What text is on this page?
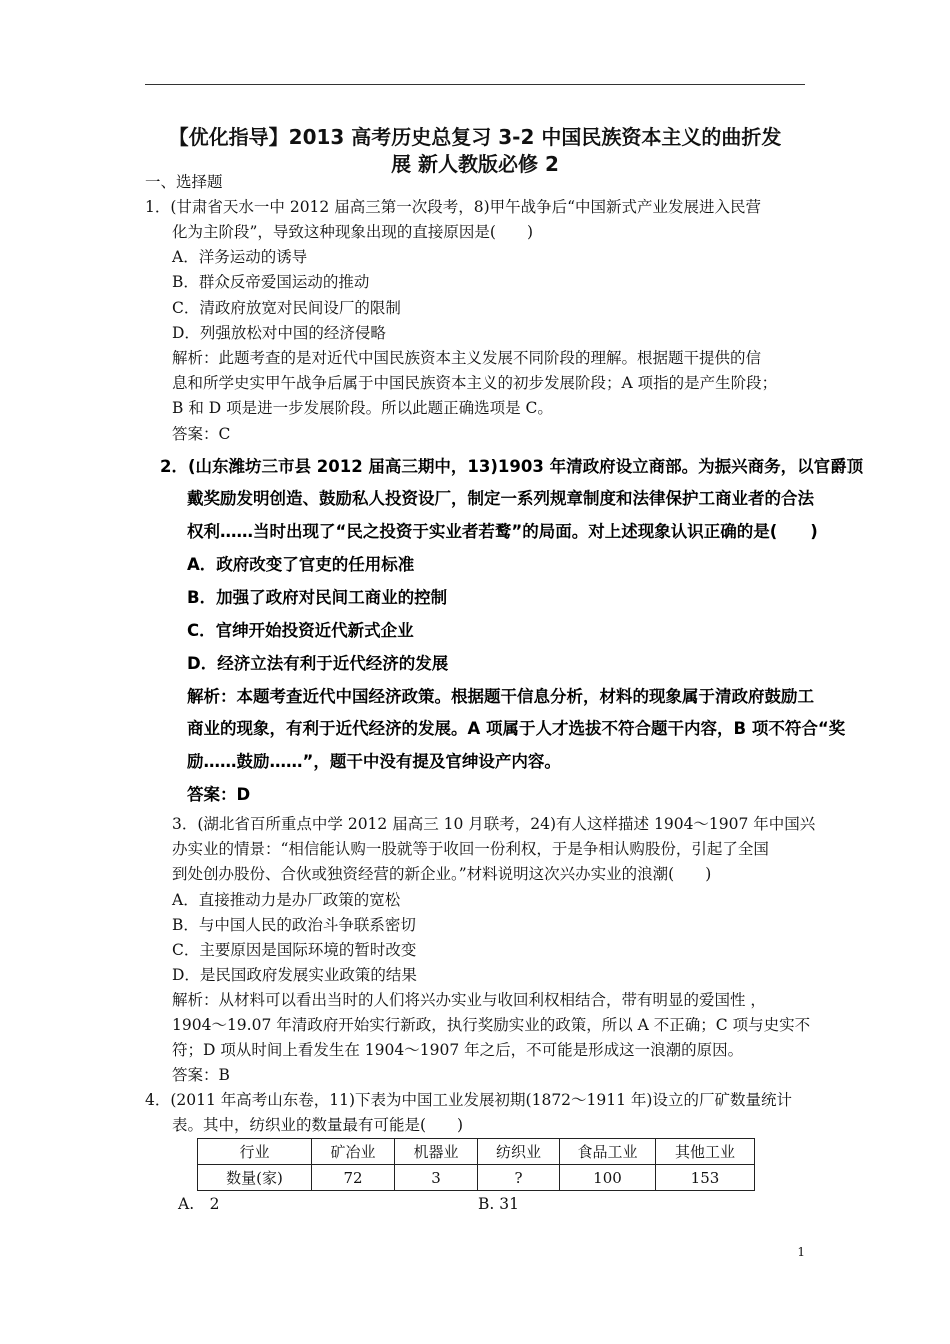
【优化指导】2013 高考历史总复习 3-2 中国民族资本主义的曲折发
展 新人教版必修 2
一、选择题
1．(甘肃省天水一中 2012 届高三第一次段考，8)甲午战争后“中国新式产业发展进入民营
化为主阶段”，导致这种现象出现的直接原因是(　　)
A．洋务运动的诱导
B．群众反帝爱国运动的推动
C．清政府放宽对民间设厂的限制
D．列强放松对中国的经济侵略
解析：此题考查的是对近代中国民族资本主义发展不同阶段的理解。根据题干提供的信
息和所学史实甲午战争后属于中国民族资本主义的初步发展阶段；A 项指的是产生阶段；
B 和 D 项是进一步发展阶段。所以此题正确选项是 C。
答案：C
2．(山东潍坊三市县 2012 届高三期中，13)1903 年清政府设立商部。为振兴商务，以官爵顶
戴奖励发明创造、鼓励私人投资设厂，制定一系列规章制度和法律保护工商业者的合法
权利……当时出现了“民之投资于实业者若鹜”的局面。对上述现象认识正确的是(　　)
A．政府改变了官吏的任用标准
B．加强了政府对民间工商业的控制
C．官绅开始投资近代新式企业
D．经济立法有利于近代经济的发展
解析：本题考查近代中国经济政策。根据题干信息分析，材料的现象属于清政府鼓励工
商业的现象，有利于近代经济的发展。A 项属于人才选拔不符合题干内容，B 项不符合“奖
励……鼓励……”，题干中没有提及官绅设产内容。
答案：D
3．(湖北省百所重点中学 2012 届高三 10 月联考，24)有人这样描述 1904～1907 年中国兴
办实业的情景：“相信能认购一股就等于收回一份利权，于是争相认购股份，引起了全国
到处创办股份、合伙或独资经营的新企业。”材料说明这次兴办实业的浪潮(　　)
A．直接推动力是办厂政策的宽松
B．与中国人民的政治斗争联系密切
C．主要原因是国际环境的暂时改变
D．是民国政府发展实业政策的结果
解析：从材料可以看出当时的人们将兴办实业与收回利权相结合，带有明显的爱国性 ，
1904～19.07 年清政府开始实行新政，执行奖励实业的政策，所以 A 不正确；C 项与史实不
符；D 项从时间上看发生在 1904～1907 年之后，不可能是形成这一浪潮的原因。
答案：B
4．(2011 年高考山东卷，11)下表为中国工业发展初期(1872～1911 年)设立的厂矿数量统计
表。其中，纺织业的数量最有可能是(　　)
行业	矿冶业	机器业	纺织业	食品工业	其他工业
数量(家)	72	3	?	100	153
A.　2	B. 31
1
